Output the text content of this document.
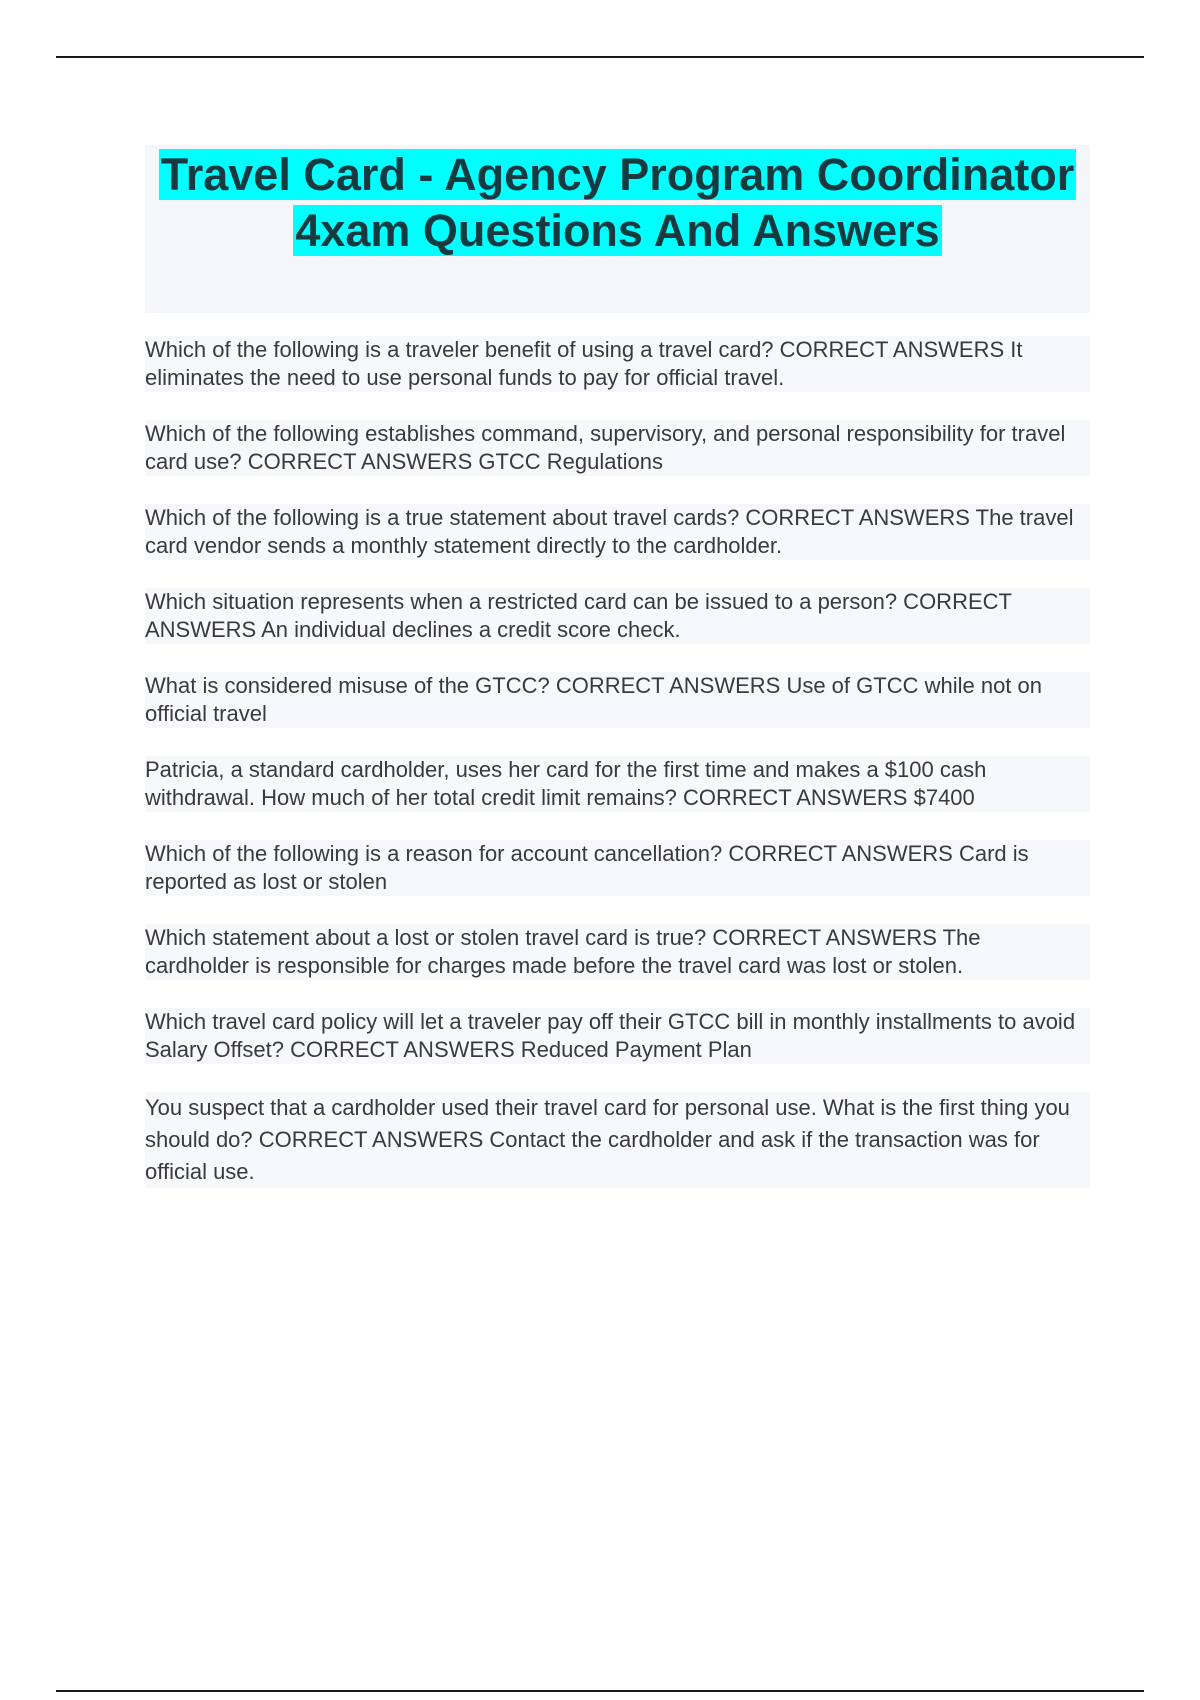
Travel Card - Agency Program Coordinator 4xam Questions And Answers
Which of the following is a traveler benefit of using a travel card? CORRECT ANSWERS It eliminates the need to use personal funds to pay for official travel. Which of the following establishes command, supervisory, and personal responsibility for travel card use? CORRECT ANSWERS GTCC Regulations Which of the following is a true statement about travel cards? CORRECT ANSWERS The travel card vendor sends a monthly statement directly to the cardholder. Which situation represents when a restricted card can be issued to a person? CORRECT ANSWERS An individual declines a credit score check. What is considered misuse of the GTCC? CORRECT ANSWERS Use of GTCC while not on official travel Patricia, a standard cardholder, uses her card for the first time and makes a $100 cash withdrawal. How much of her total credit limit remains? CORRECT ANSWERS $7400 Which of the following is a reason for account cancellation? CORRECT ANSWERS Card is reported as lost or stolen Which statement about a lost or stolen travel card is true? CORRECT ANSWERS The cardholder is responsible for charges made before the travel card was lost or stolen. Which travel card policy will let a traveler pay off their GTCC bill in monthly installments to avoid Salary Offset? CORRECT ANSWERS Reduced Payment Plan You suspect that a cardholder used their travel card for personal use. What is the first thing you should do? CORRECT ANSWERS Contact the cardholder and ask if the transaction was for official use.
